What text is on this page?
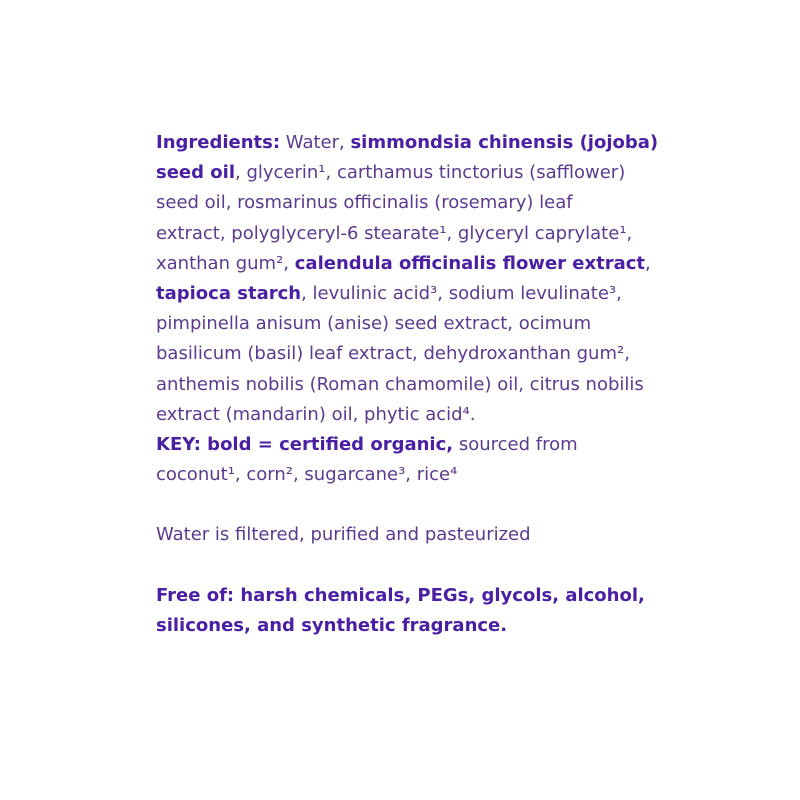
Ingredients: Water, simmondsia chinensis (jojoba)
seed oil, glycerin¹, carthamus tinctorius (safflower)
seed oil, rosmarinus officinalis (rosemary) leaf
extract, polyglyceryl-6 stearate¹, glyceryl caprylate¹,
xanthan gum², calendula officinalis flower extract,
tapioca starch, levulinic acid³, sodium levulinate³,
pimpinella anisum (anise) seed extract, ocimum
basilicum (basil) leaf extract, dehydroxanthan gum²,
anthemis nobilis (Roman chamomile) oil, citrus nobilis
extract (mandarin) oil, phytic acid⁴.
KEY: bold = certified organic, sourced from
coconut¹, corn², sugarcane³, rice⁴

Water is filtered, purified and pasteurized

Free of: harsh chemicals, PEGs, glycols, alcohol,
silicones, and synthetic fragrance.
